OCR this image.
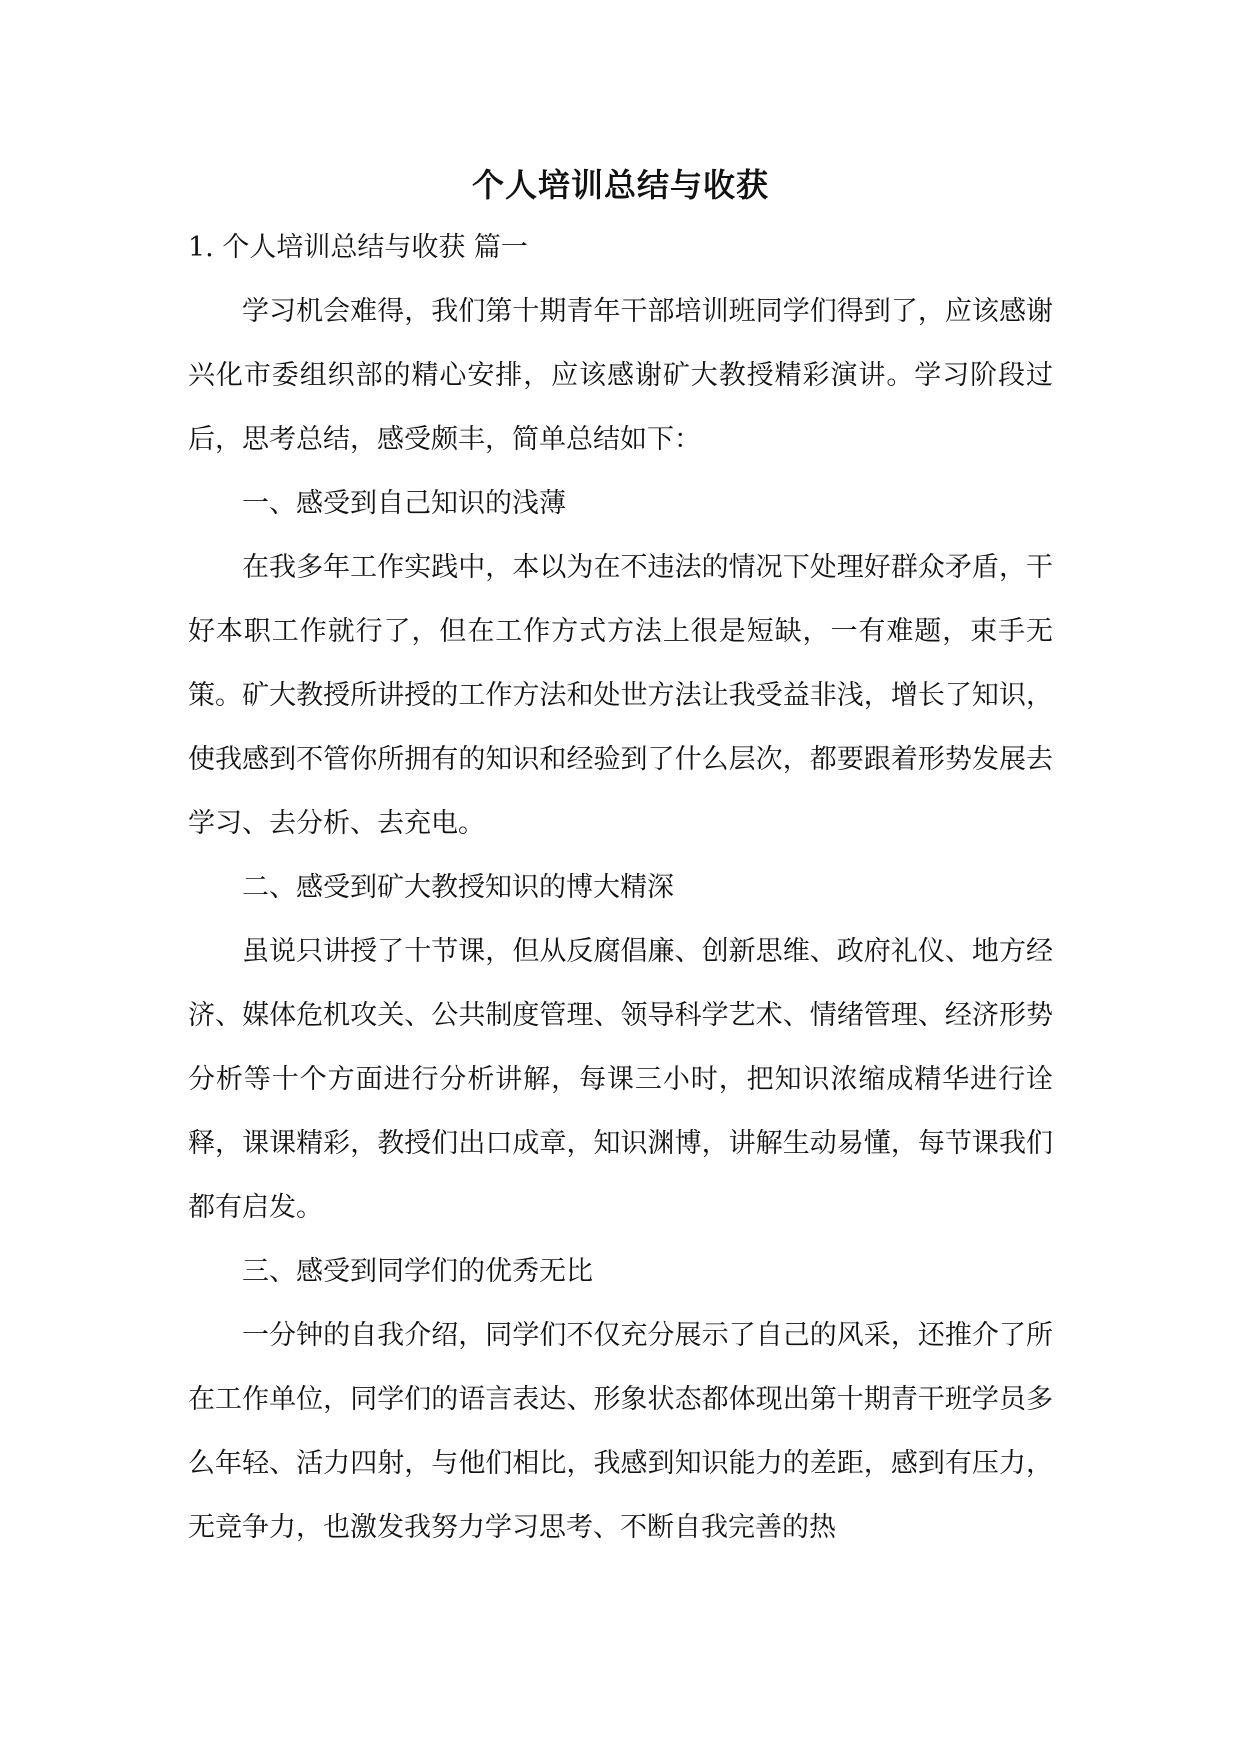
个人培训总结与收获

1. 个人培训总结与收获 篇一

学习机会难得，我们第十期青年干部培训班同学们得到了，应该感谢兴化市委组织部的精心安排，应该感谢矿大教授精彩演讲。学习阶段过后，思考总结，感受颇丰，简单总结如下：

一、感受到自己知识的浅薄

在我多年工作实践中，本以为在不违法的情况下处理好群众矛盾，干好本职工作就行了，但在工作方式方法上很是短缺，一有难题，束手无策。矿大教授所讲授的工作方法和处世方法让我受益非浅，增长了知识，使我感到不管你所拥有的知识和经验到了什么层次，都要跟着形势发展去学习、去分析、去充电。

二、感受到矿大教授知识的博大精深

虽说只讲授了十节课，但从反腐倡廉、创新思维、政府礼仪、地方经济、媒体危机攻关、公共制度管理、领导科学艺术、情绪管理、经济形势分析等十个方面进行分析讲解，每课三小时，把知识浓缩成精华进行诠释，课课精彩，教授们出口成章，知识渊博，讲解生动易懂，每节课我们都有启发。

三、感受到同学们的优秀无比

一分钟的自我介绍，同学们不仅充分展示了自己的风采，还推介了所在工作单位，同学们的语言表达、形象状态都体现出第十期青干班学员多么年轻、活力四射，与他们相比，我感到知识能力的差距，感到有压力，无竞争力，也激发我努力学习思考、不断自我完善的热
